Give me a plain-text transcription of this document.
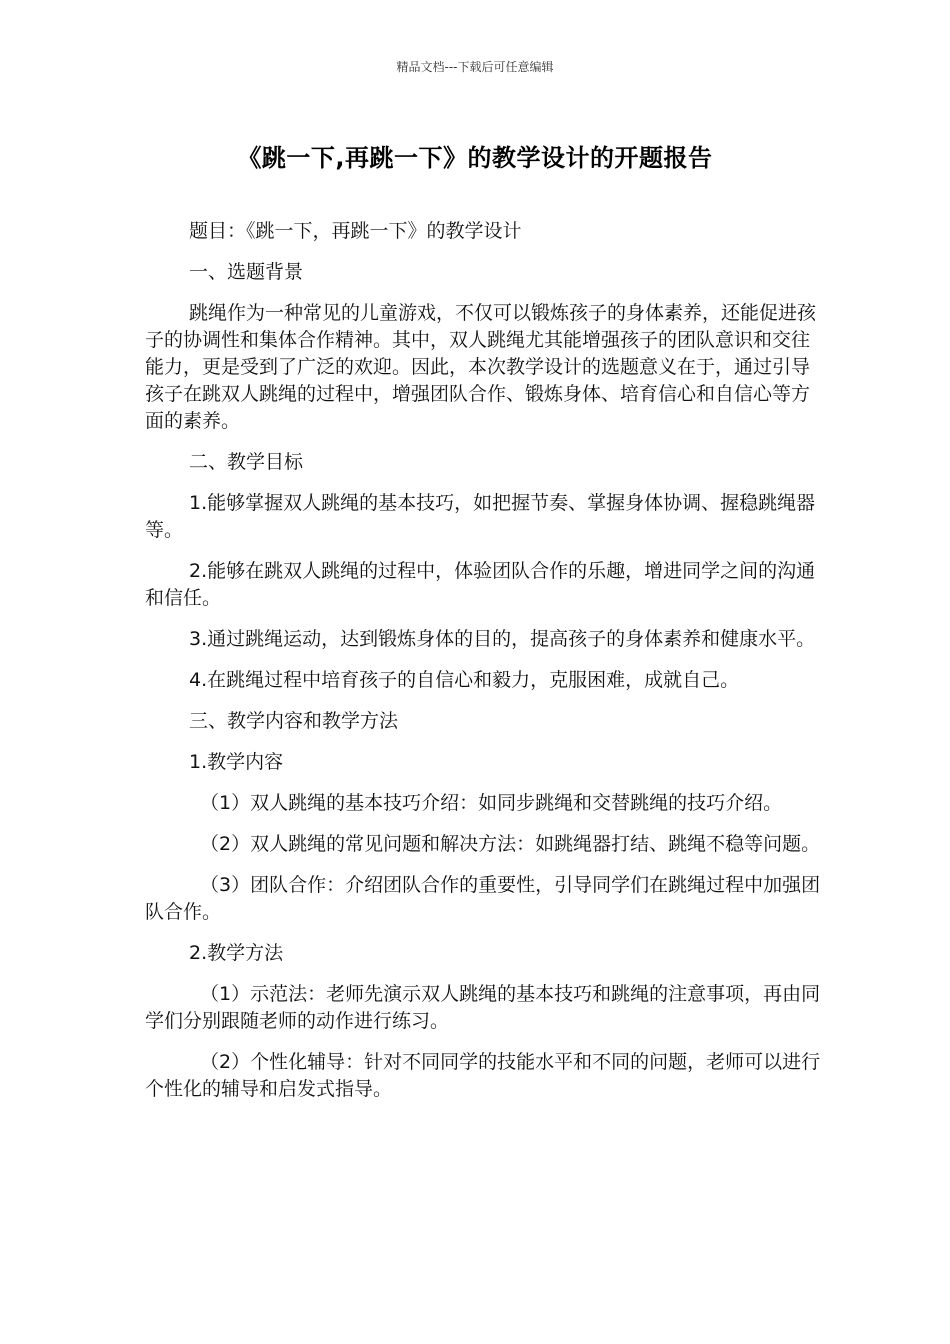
精品文档---下载后可任意编辑
《跳一下,再跳一下》的教学设计的开题报告

题目：《跳一下，再跳一下》的教学设计

一、选题背景

跳绳作为一种常见的儿童游戏，不仅可以锻炼孩子的身体素养，还能促进孩子的协调性和集体合作精神。其中，双人跳绳尤其能增强孩子的团队意识和交往能力，更是受到了广泛的欢迎。因此，本次教学设计的选题意义在于，通过引导孩子在跳双人跳绳的过程中，增强团队合作、锻炼身体、培育信心和自信心等方面的素养。

二、教学目标

1.能够掌握双人跳绳的基本技巧，如把握节奏、掌握身体协调、握稳跳绳器等。

2.能够在跳双人跳绳的过程中，体验团队合作的乐趣，增进同学之间的沟通和信任。

3.通过跳绳运动，达到锻炼身体的目的，提高孩子的身体素养和健康水平。

4.在跳绳过程中培育孩子的自信心和毅力，克服困难，成就自己。

三、教学内容和教学方法

1.教学内容

（1）双人跳绳的基本技巧介绍：如同步跳绳和交替跳绳的技巧介绍。

（2）双人跳绳的常见问题和解决方法：如跳绳器打结、跳绳不稳等问题。

（3）团队合作：介绍团队合作的重要性，引导同学们在跳绳过程中加强团队合作。

2.教学方法

（1）示范法：老师先演示双人跳绳的基本技巧和跳绳的注意事项，再由同学们分别跟随老师的动作进行练习。

（2）个性化辅导：针对不同同学的技能水平和不同的问题，老师可以进行个性化的辅导和启发式指导。
